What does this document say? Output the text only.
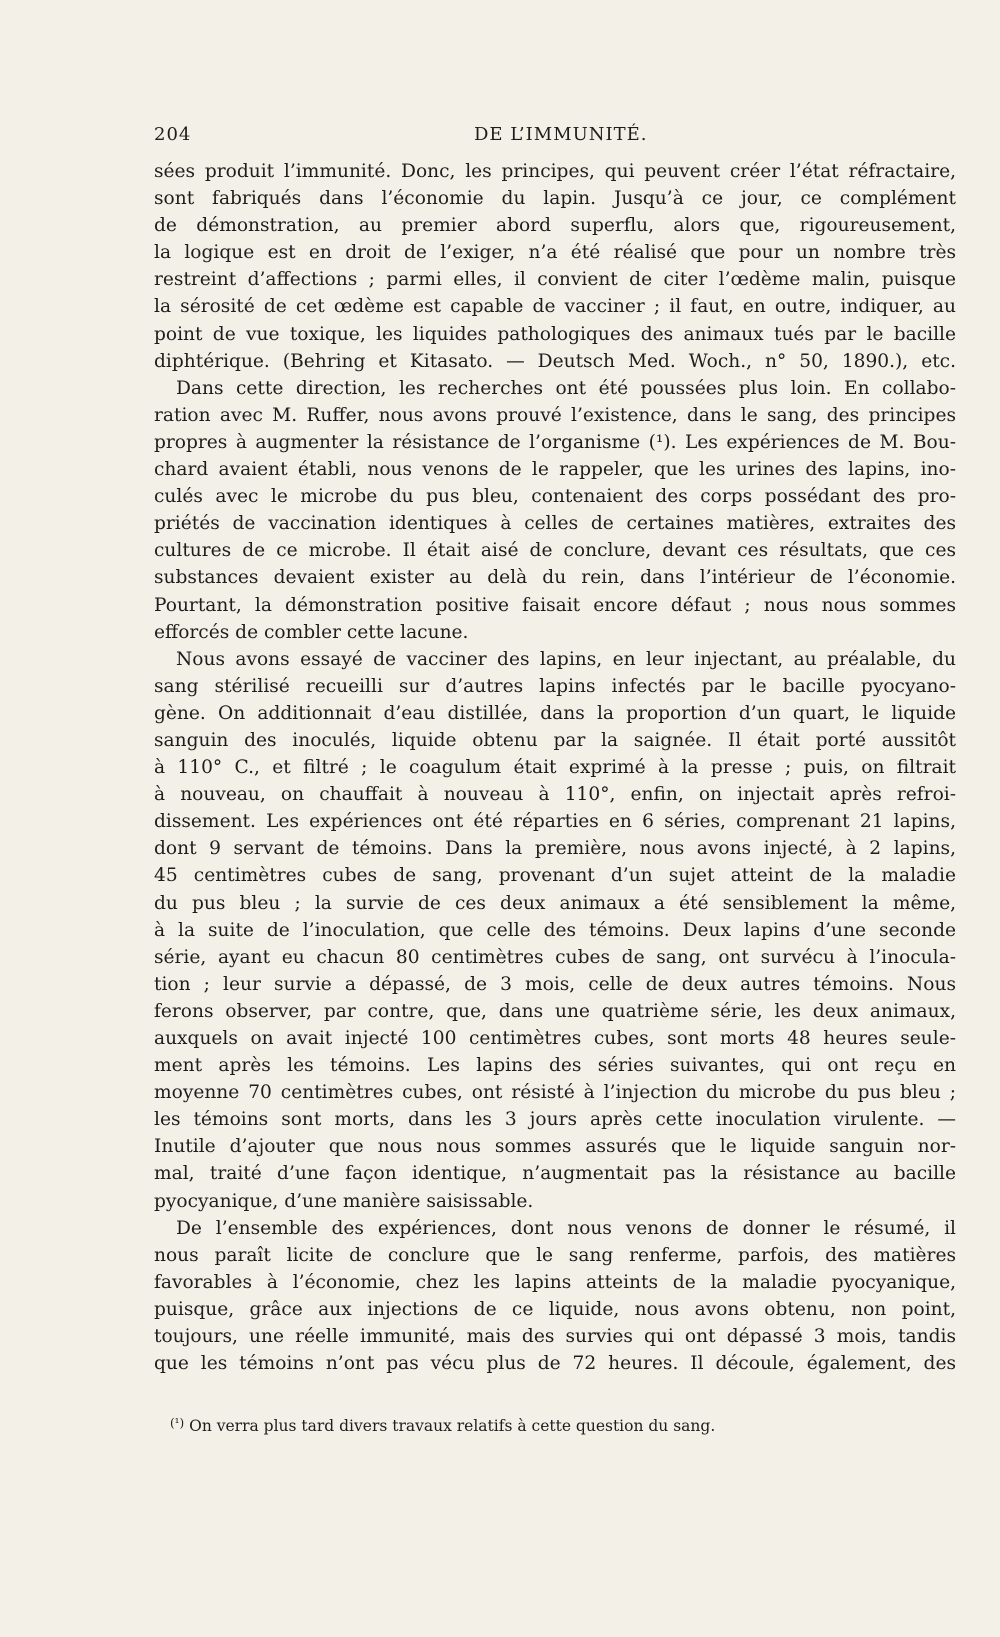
204	DE L’IMMUNITÉ.
sées produit l’immunité. Donc, les principes, qui peuvent créer l’état réfractaire,
sont fabriqués dans l’économie du lapin. Jusqu’à ce jour, ce complément
de démonstration, au premier abord superflu, alors que, rigoureusement,
la logique est en droit de l’exiger, n’a été réalisé que pour un nombre très
restreint d’affections ; parmi elles, il convient de citer l’œdème malin, puisque
la sérosité de cet œdème est capable de vacciner ; il faut, en outre, indiquer, au
point de vue toxique, les liquides pathologiques des animaux tués par le bacille
diphtérique. (Behring et Kitasato. — Deutsch Med. Woch., n° 50, 1890.), etc.
Dans cette direction, les recherches ont été poussées plus loin. En collabo-
ration avec M. Ruffer, nous avons prouvé l’existence, dans le sang, des principes
propres à augmenter la résistance de l’organisme (¹). Les expériences de M. Bou-
chard avaient établi, nous venons de le rappeler, que les urines des lapins, ino-
culés avec le microbe du pus bleu, contenaient des corps possédant des pro-
priétés de vaccination identiques à celles de certaines matières, extraites des
cultures de ce microbe. Il était aisé de conclure, devant ces résultats, que ces
substances devaient exister au delà du rein, dans l’intérieur de l’économie.
Pourtant, la démonstration positive faisait encore défaut ; nous nous sommes
efforcés de combler cette lacune.
Nous avons essayé de vacciner des lapins, en leur injectant, au préalable, du
sang stérilisé recueilli sur d’autres lapins infectés par le bacille pyocyano-
gène. On additionnait d’eau distillée, dans la proportion d’un quart, le liquide
sanguin des inoculés, liquide obtenu par la saignée. Il était porté aussitôt
à 110° C., et filtré ; le coagulum était exprimé à la presse ; puis, on filtrait
à nouveau, on chauffait à nouveau à 110°, enfin, on injectait après refroi-
dissement. Les expériences ont été réparties en 6 séries, comprenant 21 lapins,
dont 9 servant de témoins. Dans la première, nous avons injecté, à 2 lapins,
45 centimètres cubes de sang, provenant d’un sujet atteint de la maladie
du pus bleu ; la survie de ces deux animaux a été sensiblement la même,
à la suite de l’inoculation, que celle des témoins. Deux lapins d’une seconde
série, ayant eu chacun 80 centimètres cubes de sang, ont survécu à l’inocula-
tion ; leur survie a dépassé, de 3 mois, celle de deux autres témoins. Nous
ferons observer, par contre, que, dans une quatrième série, les deux animaux,
auxquels on avait injecté 100 centimètres cubes, sont morts 48 heures seule-
ment après les témoins. Les lapins des séries suivantes, qui ont reçu en
moyenne 70 centimètres cubes, ont résisté à l’injection du microbe du pus bleu ;
les témoins sont morts, dans les 3 jours après cette inoculation virulente. —
Inutile d’ajouter que nous nous sommes assurés que le liquide sanguin nor-
mal, traité d’une façon identique, n’augmentait pas la résistance au bacille
pyocyanique, d’une manière saisissable.
De l’ensemble des expériences, dont nous venons de donner le résumé, il
nous paraît licite de conclure que le sang renferme, parfois, des matières
favorables à l’économie, chez les lapins atteints de la maladie pyocyanique,
puisque, grâce aux injections de ce liquide, nous avons obtenu, non point,
toujours, une réelle immunité, mais des survies qui ont dépassé 3 mois, tandis
que les témoins n’ont pas vécu plus de 72 heures. Il découle, également, des
$^{(^1)}$ On verra plus tard divers travaux relatifs à cette question du sang.
